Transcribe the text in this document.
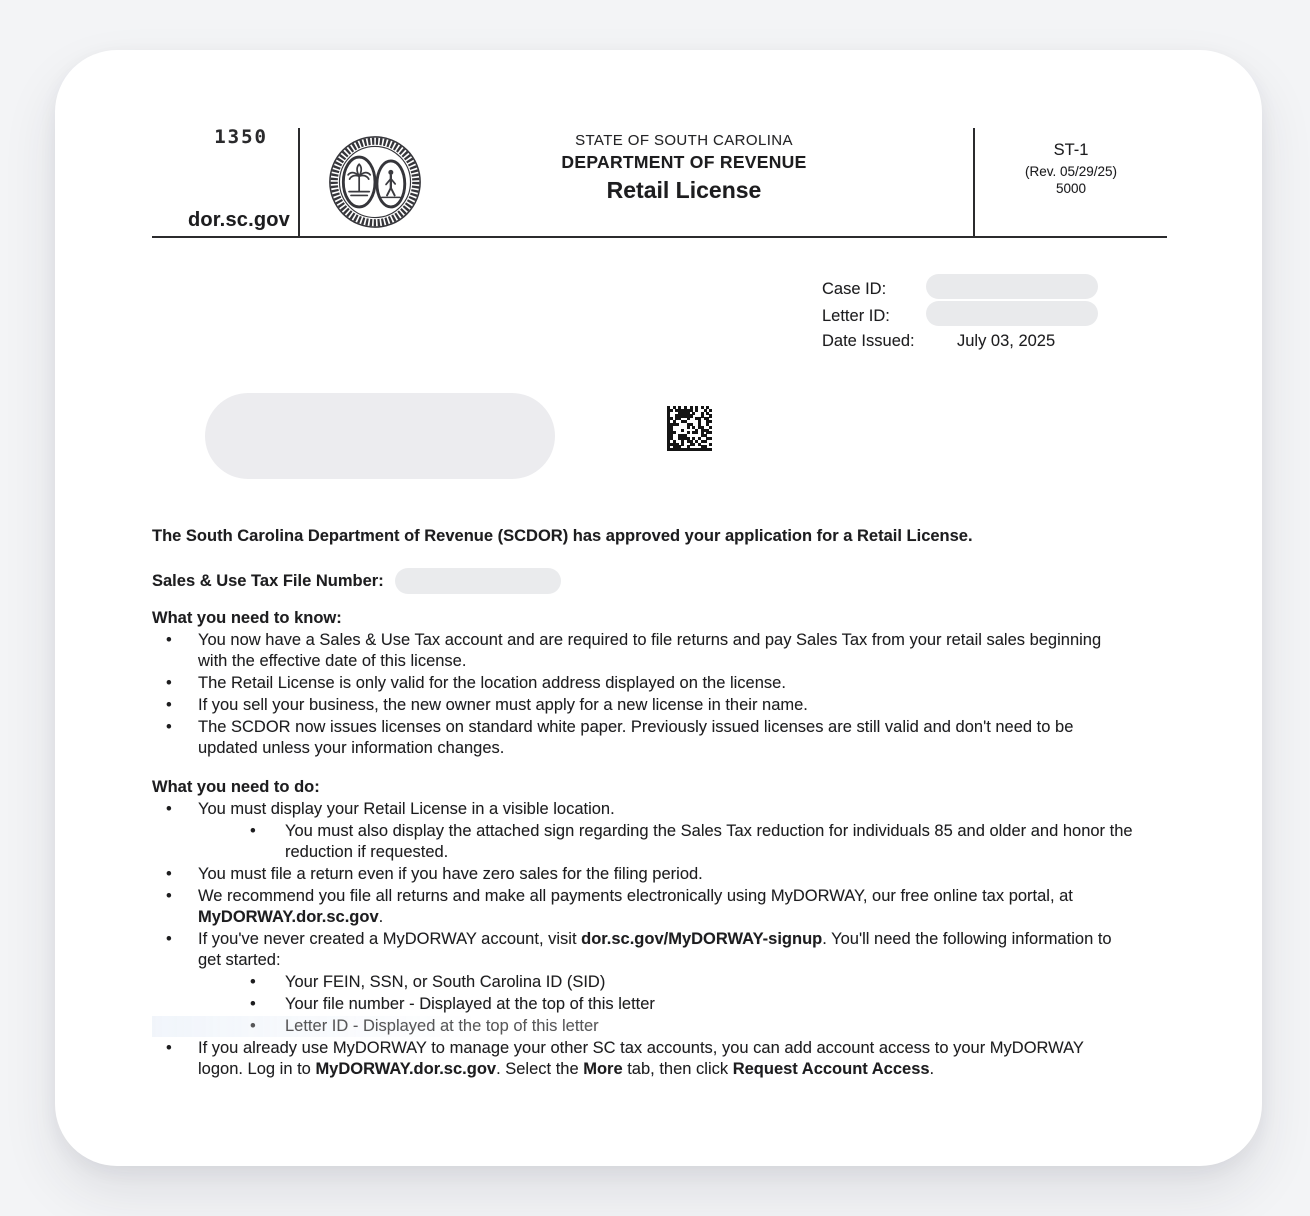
1350
dor.sc.gov
STATE OF SOUTH CAROLINA
DEPARTMENT OF REVENUE
Retail License
ST-1
(Rev. 05/29/25)
5000
Case ID:
Letter ID:
Date Issued:	July 03, 2025

The South Carolina Department of Revenue (SCDOR) has approved your application for a Retail License.

Sales & Use Tax File Number:
What you need to know:
•	You now have a Sales & Use Tax account and are required to file returns and pay Sales Tax from your retail sales beginning with the effective date of this license.
•	The Retail License is only valid for the location address displayed on the license.
•	If you sell your business, the new owner must apply for a new license in their name.
•	The SCDOR now issues licenses on standard white paper. Previously issued licenses are still valid and don't need to be updated unless your information changes.
What you need to do:
•	You must display your Retail License in a visible location.
•	You must also display the attached sign regarding the Sales Tax reduction for individuals 85 and older and honor the reduction if requested.
•	You must file a return even if you have zero sales for the filing period.
•	We recommend you file all returns and make all payments electronically using MyDORWAY, our free online tax portal, at MyDORWAY.dor.sc.gov.
•	If you've never created a MyDORWAY account, visit dor.sc.gov/MyDORWAY-signup. You'll need the following information to get started:
•	Your FEIN, SSN, or South Carolina ID (SID)
•	Your file number - Displayed at the top of this letter
•	Letter ID - Displayed at the top of this letter
•	If you already use MyDORWAY to manage your other SC tax accounts, you can add account access to your MyDORWAY logon. Log in to MyDORWAY.dor.sc.gov. Select the More tab, then click Request Account Access.
